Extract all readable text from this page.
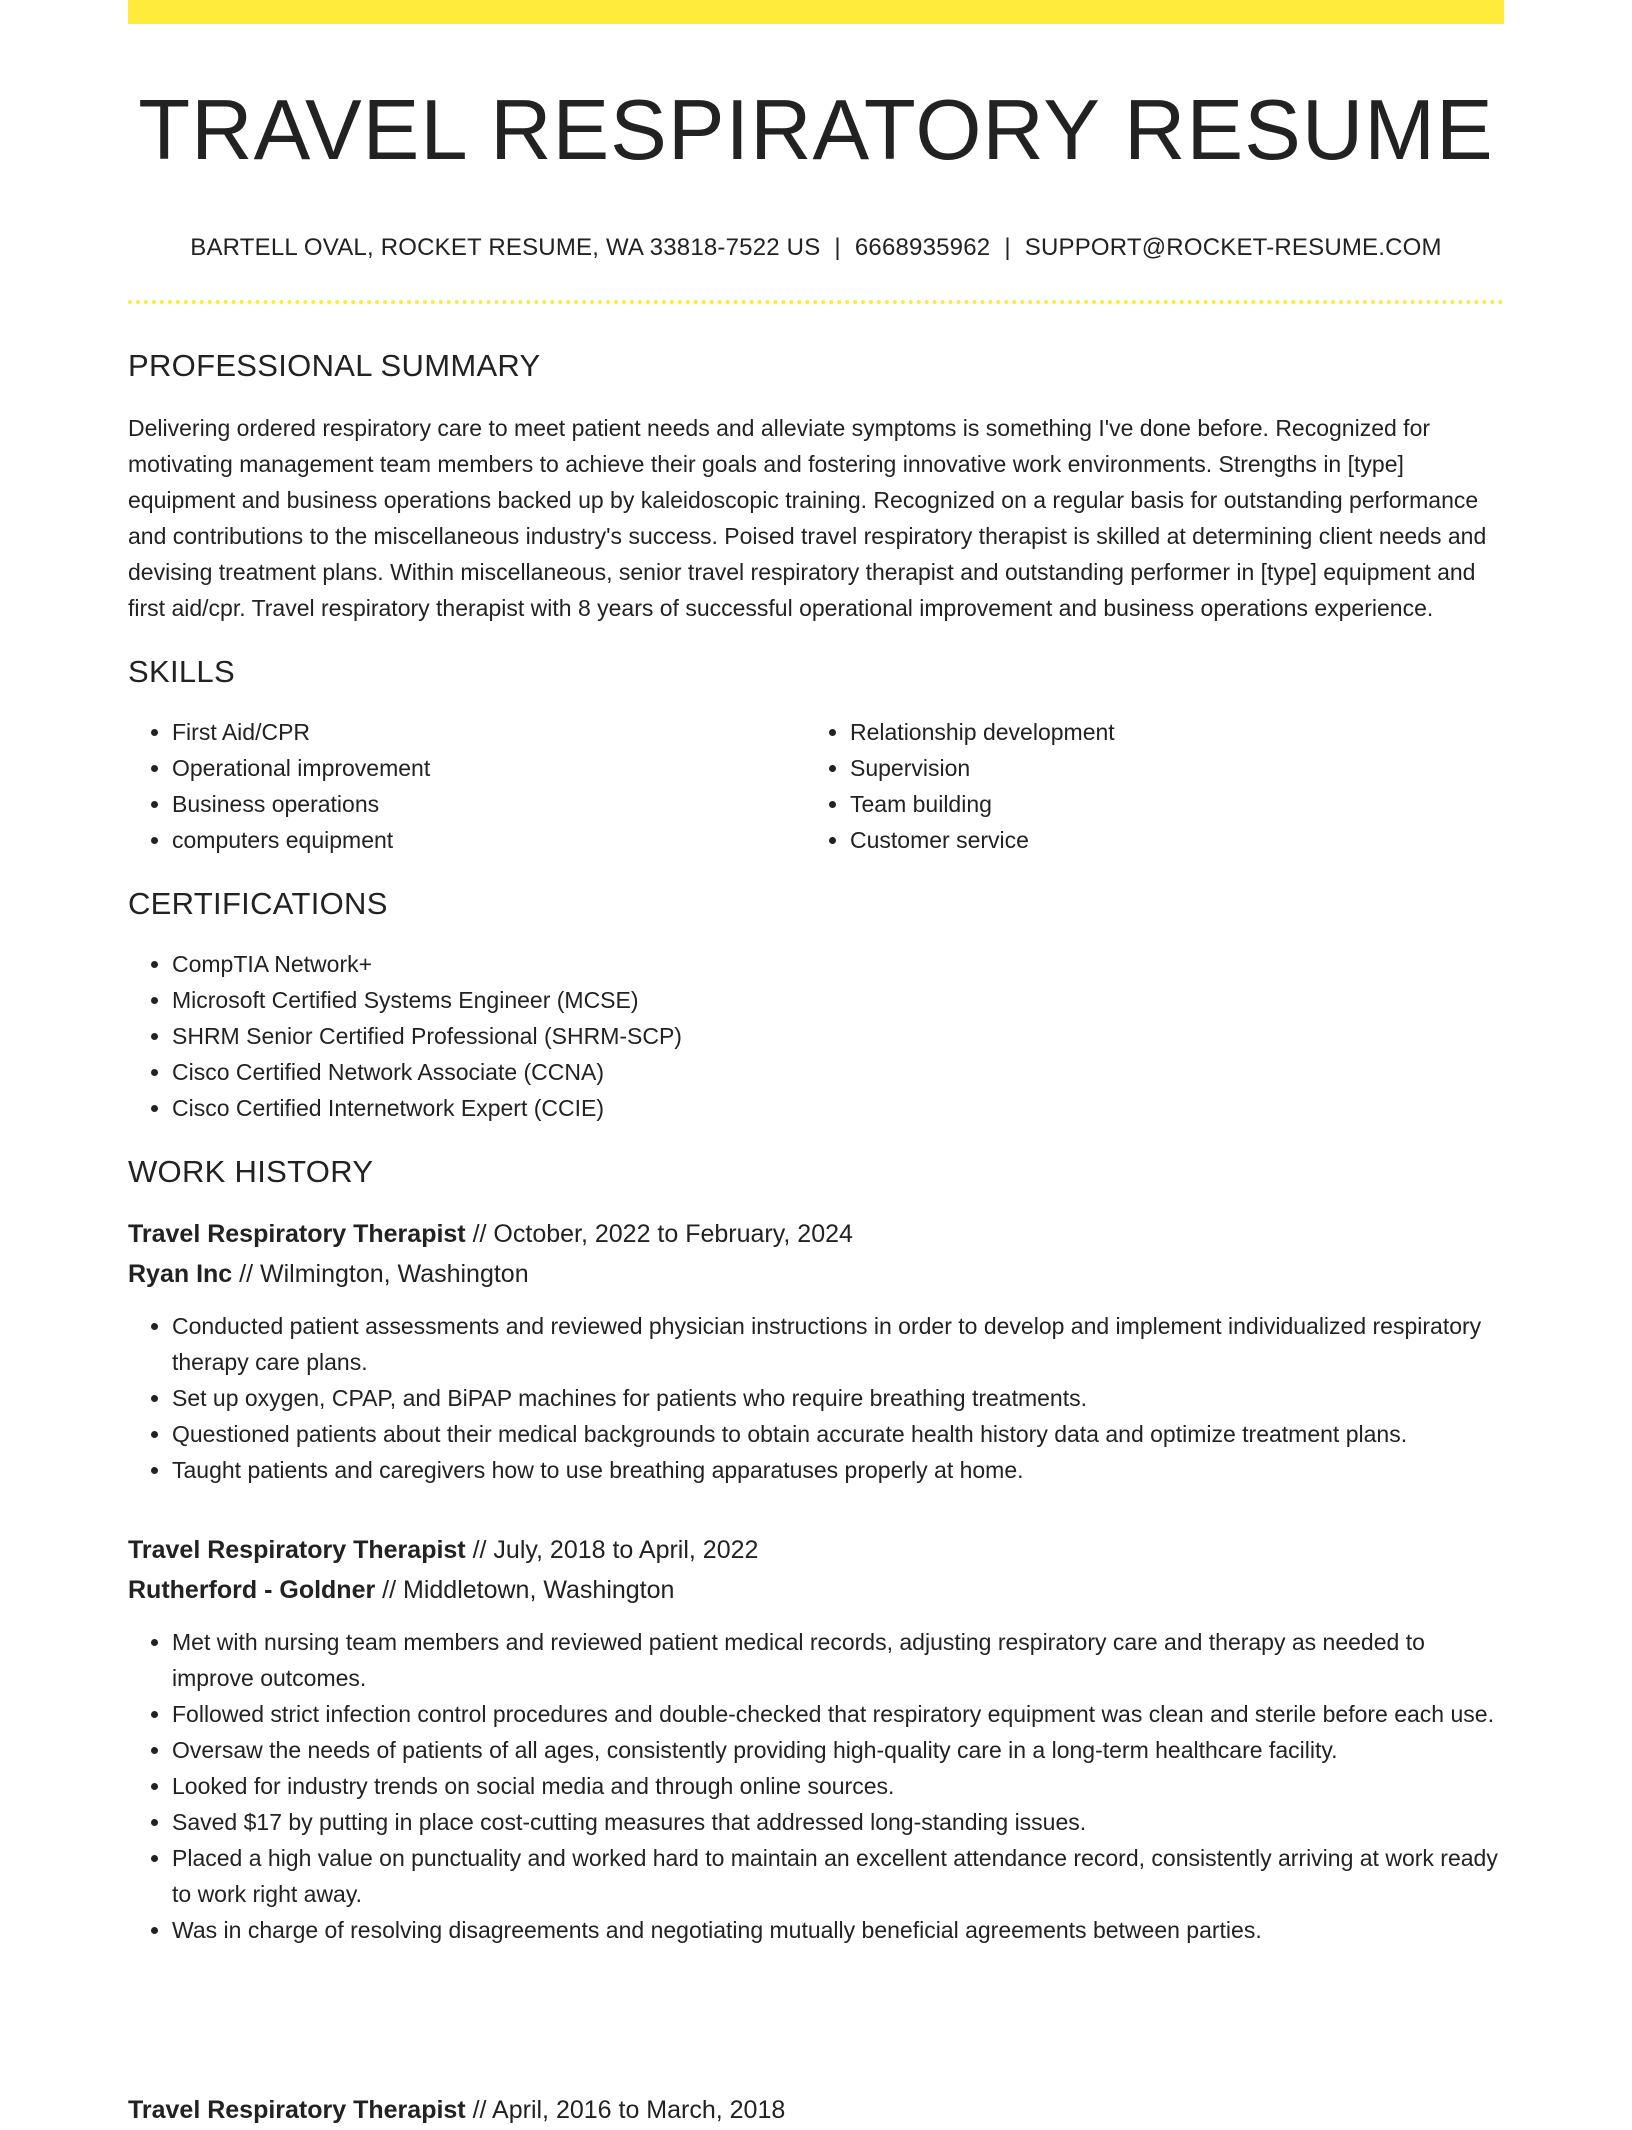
TRAVEL RESPIRATORY RESUME
BARTELL OVAL, ROCKET RESUME, WA 33818-7522 US | 6668935962 | SUPPORT@ROCKET-RESUME.COM
PROFESSIONAL SUMMARY
Delivering ordered respiratory care to meet patient needs and alleviate symptoms is something I've done before. Recognized for motivating management team members to achieve their goals and fostering innovative work environments. Strengths in [type] equipment and business operations backed up by kaleidoscopic training. Recognized on a regular basis for outstanding performance and contributions to the miscellaneous industry's success. Poised travel respiratory therapist is skilled at determining client needs and devising treatment plans. Within miscellaneous, senior travel respiratory therapist and outstanding performer in [type] equipment and first aid/cpr. Travel respiratory therapist with 8 years of successful operational improvement and business operations experience.
SKILLS
• First Aid/CPR
• Operational improvement
• Business operations
• computers equipment
• Relationship development
• Supervision
• Team building
• Customer service
CERTIFICATIONS
• CompTIA Network+
• Microsoft Certified Systems Engineer (MCSE)
• SHRM Senior Certified Professional (SHRM-SCP)
• Cisco Certified Network Associate (CCNA)
• Cisco Certified Internetwork Expert (CCIE)
WORK HISTORY
Travel Respiratory Therapist // October, 2022 to February, 2024
Ryan Inc // Wilmington, Washington
• Conducted patient assessments and reviewed physician instructions in order to develop and implement individualized respiratory therapy care plans.
• Set up oxygen, CPAP, and BiPAP machines for patients who require breathing treatments.
• Questioned patients about their medical backgrounds to obtain accurate health history data and optimize treatment plans.
• Taught patients and caregivers how to use breathing apparatuses properly at home.
Travel Respiratory Therapist // July, 2018 to April, 2022
Rutherford - Goldner // Middletown, Washington
• Met with nursing team members and reviewed patient medical records, adjusting respiratory care and therapy as needed to improve outcomes.
• Followed strict infection control procedures and double-checked that respiratory equipment was clean and sterile before each use.
• Oversaw the needs of patients of all ages, consistently providing high-quality care in a long-term healthcare facility.
• Looked for industry trends on social media and through online sources.
• Saved $17 by putting in place cost-cutting measures that addressed long-standing issues.
• Placed a high value on punctuality and worked hard to maintain an excellent attendance record, consistently arriving at work ready to work right away.
• Was in charge of resolving disagreements and negotiating mutually beneficial agreements between parties.
Travel Respiratory Therapist // April, 2016 to March, 2018
